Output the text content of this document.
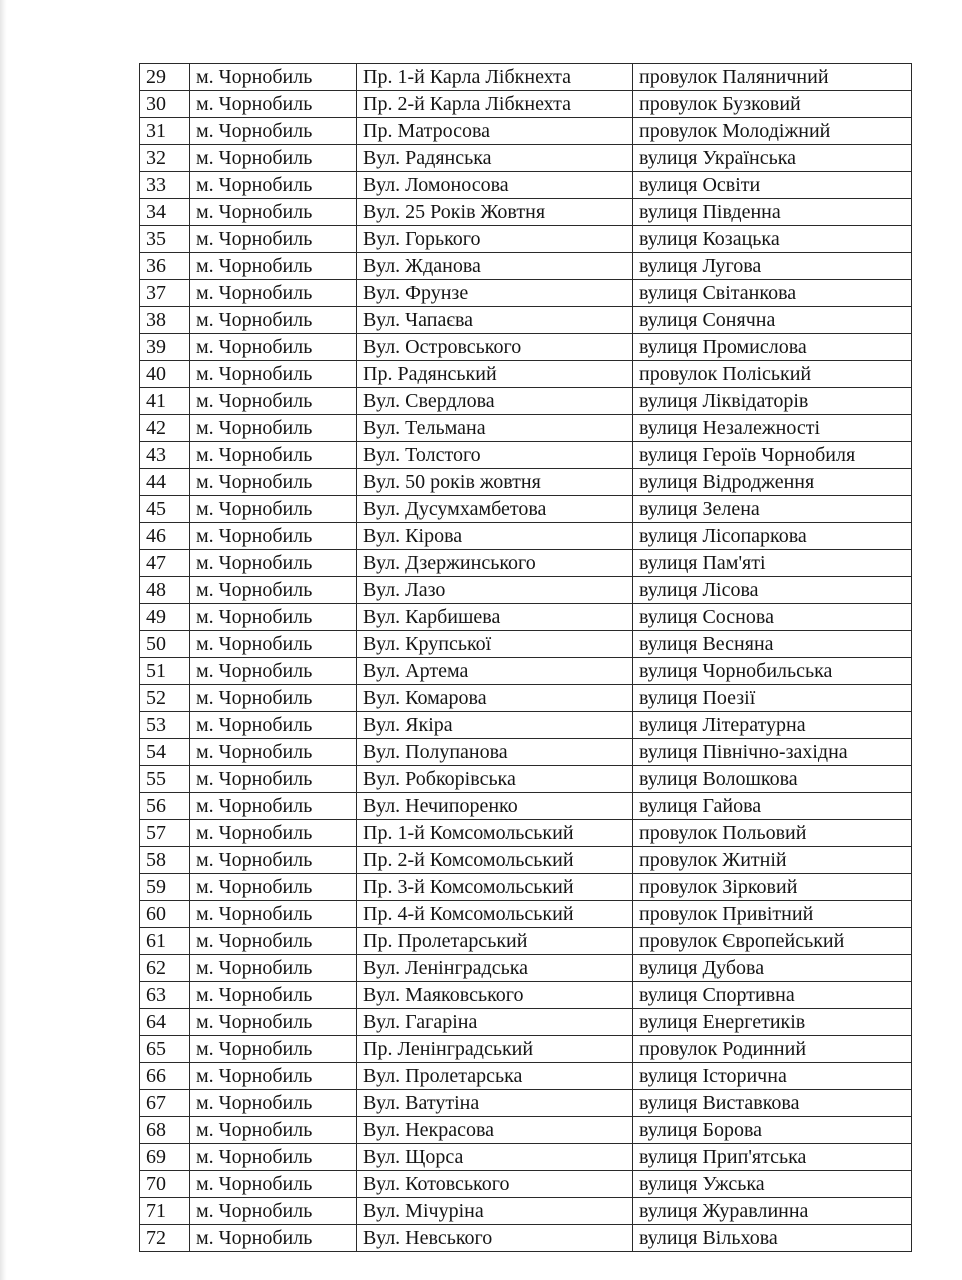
29	м. Чорнобиль	Пр. 1-й Карла Лібкнехта	провулок Паляничний
30	м. Чорнобиль	Пр. 2-й Карла Лібкнехта	провулок Бузковий
31	м. Чорнобиль	Пр. Матросова	провулок Молодіжний
32	м. Чорнобиль	Вул. Радянська	вулиця Українська
33	м. Чорнобиль	Вул. Ломоносова	вулиця Освіти
34	м. Чорнобиль	Вул. 25 Років Жовтня	вулиця Південна
35	м. Чорнобиль	Вул. Горького	вулиця Козацька
36	м. Чорнобиль	Вул. Жданова	вулиця Лугова
37	м. Чорнобиль	Вул. Фрунзе	вулиця Світанкова
38	м. Чорнобиль	Вул. Чапаєва	вулиця Сонячна
39	м. Чорнобиль	Вул. Островського	вулиця Промислова
40	м. Чорнобиль	Пр. Радянський	провулок Поліський
41	м. Чорнобиль	Вул. Свердлова	вулиця Ліквідаторів
42	м. Чорнобиль	Вул. Тельмана	вулиця Незалежності
43	м. Чорнобиль	Вул. Толстого	вулиця Героїв Чорнобиля
44	м. Чорнобиль	Вул. 50 років жовтня	вулиця Відродження
45	м. Чорнобиль	Вул. Дусумхамбетова	вулиця Зелена
46	м. Чорнобиль	Вул. Кірова	вулиця Лісопаркова
47	м. Чорнобиль	Вул. Дзержинського	вулиця Пам'яті
48	м. Чорнобиль	Вул. Лазо	вулиця Лісова
49	м. Чорнобиль	Вул. Карбишева	вулиця Соснова
50	м. Чорнобиль	Вул. Крупської	вулиця Весняна
51	м. Чорнобиль	Вул. Артема	вулиця Чорнобильська
52	м. Чорнобиль	Вул. Комарова	вулиця Поезії
53	м. Чорнобиль	Вул. Якіра	вулиця Літературна
54	м. Чорнобиль	Вул. Полупанова	вулиця Північно-західна
55	м. Чорнобиль	Вул. Робкорівська	вулиця Волошкова
56	м. Чорнобиль	Вул. Нечипоренко	вулиця Гайова
57	м. Чорнобиль	Пр. 1-й Комсомольський	провулок Польовий
58	м. Чорнобиль	Пр. 2-й Комсомольський	провулок Житній
59	м. Чорнобиль	Пр. 3-й Комсомольський	провулок Зірковий
60	м. Чорнобиль	Пр. 4-й Комсомольський	провулок Привітний
61	м. Чорнобиль	Пр. Пролетарський	провулок Європейський
62	м. Чорнобиль	Вул. Ленінградська	вулиця Дубова
63	м. Чорнобиль	Вул. Маяковського	вулиця Спортивна
64	м. Чорнобиль	Вул. Гагаріна	вулиця Енергетиків
65	м. Чорнобиль	Пр. Ленінградський	провулок Родинний
66	м. Чорнобиль	Вул. Пролетарська	вулиця Історична
67	м. Чорнобиль	Вул. Ватутіна	вулиця Виставкова
68	м. Чорнобиль	Вул. Некрасова	вулиця Борова
69	м. Чорнобиль	Вул. Щорса	вулиця Прип'ятська
70	м. Чорнобиль	Вул. Котовського	вулиця Ужська
71	м. Чорнобиль	Вул. Мічуріна	вулиця Журавлинна
72	м. Чорнобиль	Вул. Невського	вулиця Вільхова
